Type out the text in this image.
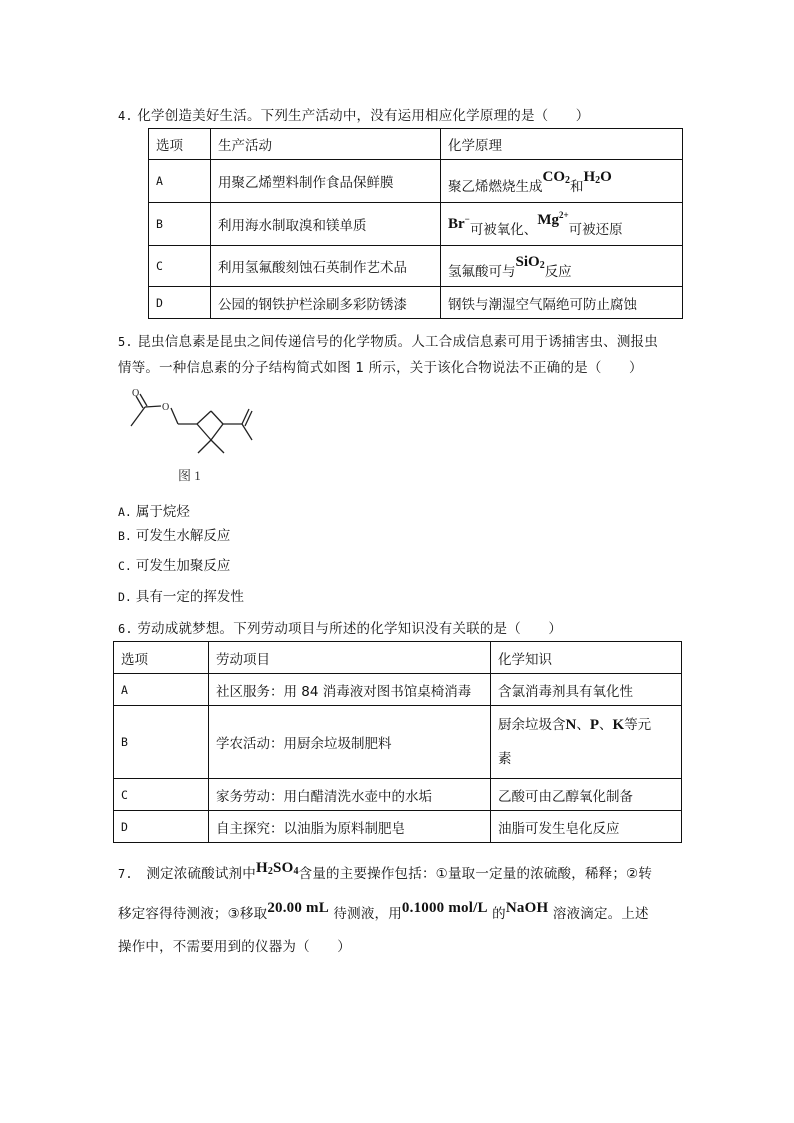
4. 化学创造美好生活。下列生产活动中，没有运用相应化学原理的是（　　）
选项	生产活动	化学原理
A	用聚乙烯塑料制作食品保鲜膜	聚乙烯燃烧生成$CO_2$和$H_2O$
B	利用海水制取溴和镁单质	Br−可被氧化、$Mg^{2+}$可被还原
C	利用氢氟酸刻蚀石英制作艺术品	氢氟酸可与SiO$_2$反应
D	公园的钢铁护栏涂刷多彩防锈漆	钢铁与潮湿空气隔绝可防止腐蚀
5. 昆虫信息素是昆虫之间传递信号的化学物质。人工合成信息素可用于诱捕害虫、测报虫
情等。一种信息素的分子结构简式如图 1 所示，关于该化合物说法不正确的是（　　）
O
O
图 1
A. 属于烷烃
B. 可发生水解反应
C. 可发生加聚反应
D. 具有一定的挥发性
6. 劳动成就梦想。下列劳动项目与所述的化学知识没有关联的是（　　）
选项	劳动项目	化学知识
A	社区服务：用 84 消毒液对图书馆桌椅消毒	含氯消毒剂具有氧化性
B	学农活动：用厨余垃圾制肥料	厨余垃圾含N、P、K等元
素
C	家务劳动：用白醋清洗水壶中的水垢	乙酸可由乙醇氧化制备
D	自主探究：以油脂为原料制肥皂	油脂可发生皂化反应
7. 测定浓硫酸试剂中$H_2SO_4$含量的主要操作包括：①量取一定量的浓硫酸，稀释；②转
移定容得待测液；③移取20.00 mL 待测液，用0.1000 mol/L 的NaOH 溶液滴定。上述
操作中，不需要用到的仪器为（　　）
